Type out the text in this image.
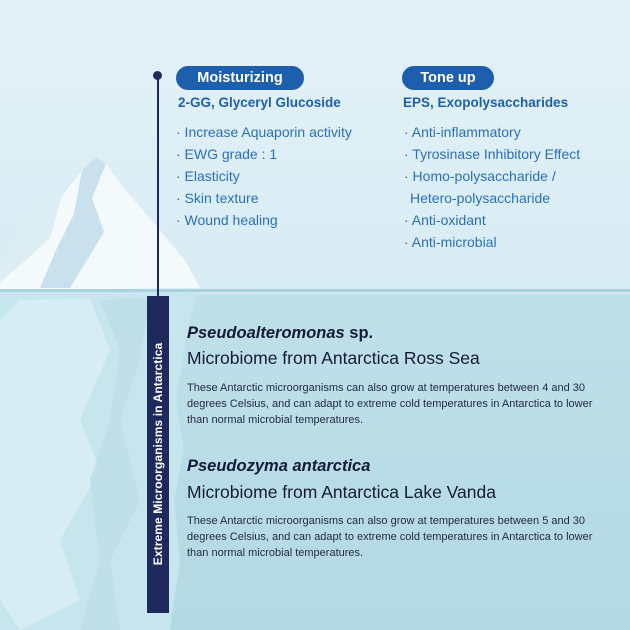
Extreme Microorganisms in Antarctica
Moisturizing
2-GG, Glyceryl Glucoside
· Increase Aquaporin activity
· EWG grade : 1
· Elasticity
· Skin texture
· Wound healing
Tone up
EPS, Exopolysaccharides
· Anti-inflammatory
· Tyrosinase Inhibitory Effect
· Homo-polysaccharide /
Hetero-polysaccharide
· Anti-oxidant
· Anti-microbial
Pseudoalteromonas sp.
Microbiome from Antarctica Ross Sea
These Antarctic microorganisms can also grow at temperatures between 4 and 30 degrees Celsius, and can adapt to extreme cold temperatures in Antarctica to lower than normal microbial temperatures.
Pseudozyma antarctica
Microbiome from Antarctica Lake Vanda
These Antarctic microorganisms can also grow at temperatures between 5 and 30 degrees Celsius, and can adapt to extreme cold temperatures in Antarctica to lower than normal microbial temperatures.
